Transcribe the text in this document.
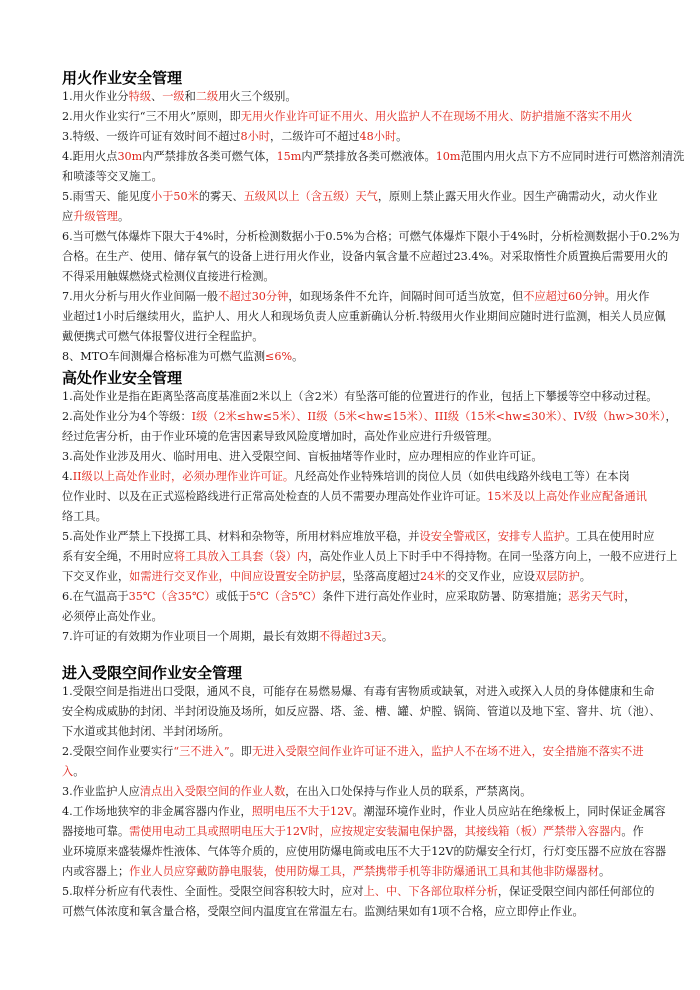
用火作业安全管理

1.用火作业分特级、一级和二级用火三个级别。

2.用火作业实行“三不用火”原则，即无用火作业许可证不用火、用火监护人不在现场不用火、防护措施不落实不用火

3.特级、一级许可证有效时间不超过8小时，二级许可不超过48小时。

4.距用火点30m内严禁排放各类可燃气体，15m内严禁排放各类可燃液体。10m范围内用火点下方不应同时进行可燃溶剂清洗

和喷漆等交叉施工。

5.雨雪天、能见度小于50米的雾天、五级风以上（含五级）天气，原则上禁止露天用火作业。因生产确需动火，动火作业

应升级管理。

6.当可燃气体爆炸下限大于4%时，分析检测数据小于0.5%为合格；可燃气体爆炸下限小于4%时，分析检测数据小于0.2%为

合格。在生产、使用、储存氧气的设备上进行用火作业，设备内氧含量不应超过23.4%。对采取惰性介质置换后需要用火的

不得采用触媒燃烧式检测仪直接进行检测。

7.用火分析与用火作业间隔一般不超过30分钟，如现场条件不允许，间隔时间可适当放宽，但不应超过60分钟。用火作

业超过1小时后继续用火，监护人、用火人和现场负责人应重新确认分析.特级用火作业期间应随时进行监测，相关人员应佩

戴便携式可燃气体报警仪进行全程监护。

8、MTO车间测爆合格标准为可燃气监测≤6%。

高处作业安全管理

1.高处作业是指在距离坠落高度基准面2米以上（含2米）有坠落可能的位置进行的作业，包括上下攀援等空中移动过程。

2.高处作业分为4个等级：I级（2米≤hw≤5米）、II级（5米<hw≤15米）、III级（15米<hw≤30米）、IV级（hw>30米），

经过危害分析，由于作业环境的危害因素导致风险度增加时，高处作业应进行升级管理。

3.高处作业涉及用火、临时用电、进入受限空间、盲板抽堵等作业时，应办理相应的作业许可证。

4.II级以上高处作业时，必须办理作业许可证。凡经高处作业特殊培训的岗位人员（如供电线路外线电工等）在本岗

位作业时、以及在正式巡检路线进行正常高处检查的人员不需要办理高处作业许可证。15米及以上高处作业应配备通讯

络工具。

5.高处作业严禁上下投掷工具、材料和杂物等，所用材料应堆放平稳，并设安全警戒区，安排专人监护。工具在使用时应

系有安全绳，不用时应将工具放入工具套（袋）内，高处作业人员上下时手中不得持物。在同一坠落方向上，一般不应进行上

下交叉作业，如需进行交叉作业，中间应设置安全防护层，坠落高度超过24米的交叉作业，应设双层防护。

6.在气温高于35℃（含35℃）或低于5℃（含5℃）条件下进行高处作业时，应采取防暑、防寒措施；恶劣天气时，

必须停止高处作业。

7.许可证的有效期为作业项目一个周期，最长有效期不得超过3天。

进入受限空间作业安全管理

1.受限空间是指进出口受限，通风不良，可能存在易燃易爆、有毒有害物质或缺氧，对进入或探入人员的身体健康和生命

安全构成威胁的封闭、半封闭设施及场所，如反应器、塔、釜、槽、罐、炉膛、锅筒、管道以及地下室、窨井、坑（池）、

下水道或其他封闭、半封闭场所。

2.受限空间作业要实行“三不进入”。即无进入受限空间作业许可证不进入，监护人不在场不进入，安全措施不落实不进

入。

3.作业监护人应清点出入受限空间的作业人数，在出入口处保持与作业人员的联系，严禁离岗。

4.工作场地狭窄的非金属容器内作业，照明电压不大于12V。潮湿环境作业时，作业人员应站在绝缘板上，同时保证金属容

器接地可靠。需使用电动工具或照明电压大于12V时，应按规定安装漏电保护器，其接线箱（板）严禁带入容器内。作

业环境原来盛装爆炸性液体、气体等介质的，应使用防爆电筒或电压不大于12V的防爆安全行灯，行灯变压器不应放在容器

内或容器上；作业人员应穿戴防静电服装，使用防爆工具，严禁携带手机等非防爆通讯工具和其他非防爆器材。

5.取样分析应有代表性、全面性。受限空间容积较大时，应对上、中、下各部位取样分析，保证受限空间内部任何部位的

可燃气体浓度和氧含量合格，受限空间内温度宜在常温左右。监测结果如有1项不合格，应立即停止作业。
